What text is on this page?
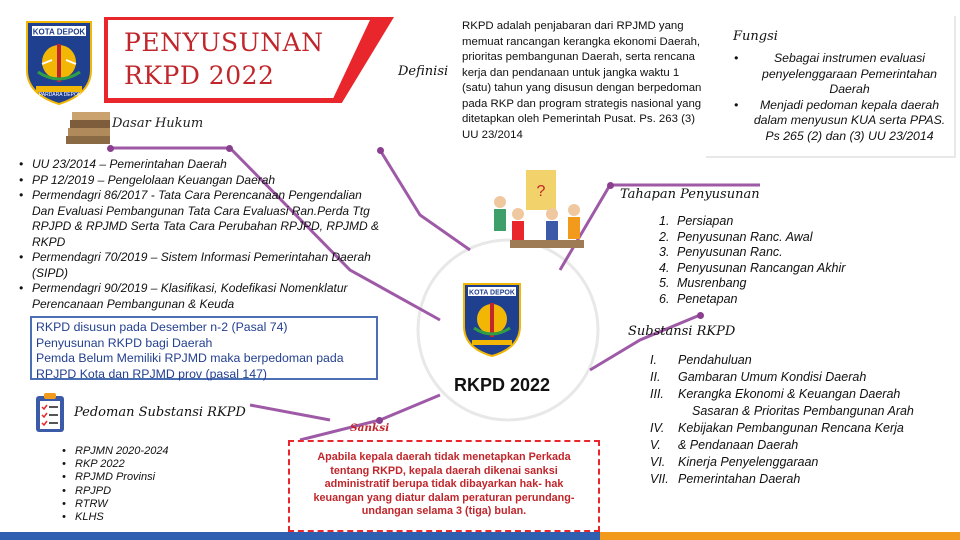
KOTA DEPOK
PARDARA DEPOK
PENYUSUNAN
RKPD 2022
Dasar Hukum
• UU 23/2014 – Pemerintahan Daerah
• PP 12/2019 – Pengelolaan Keuangan Daerah
• Permendagri 86/2017 - Tata Cara Perencanaan Pengendalian Dan Evaluasi Pembangunan Tata Cara Evaluasi Ran.Perda Ttg RPJPD & RPJMD Serta Tata Cara Perubahan RPJPD, RPJMD & RKPD
• Permendagri 70/2019 – Sistem Informasi Pemerintahan Daerah (SIPD)
• Permendagri 90/2019 – Klasifikasi, Kodefikasi Nomenklatur Perencanaan Pembangunan & Keuda
RKPD disusun pada Desember n-2 (Pasal 74)
Penyusunan RKPD bagi Daerah
Pemda Belum Memiliki RPJMD maka berpedoman pada RPJPD Kota dan RPJMD prov (pasal 147)
Pedoman Substansi RKPD
• RPJMN 2020-2024
• RKP 2022
• RPJMD Provinsi
• RPJPD
• RTRW
• KLHS
Sanksi
Apabila kepala daerah tidak menetapkan Perkada tentang RKPD, kepala daerah dikenai sanksi administratif berupa tidak dibayarkan hak- hak keuangan yang diatur dalam peraturan perundang-undangan selama 3 (tiga) bulan.
?
KOTA DEPOK
RKPD 2022
Definisi
RKPD adalah penjabaran dari RPJMD yang memuat rancangan kerangka ekonomi Daerah, prioritas pembangunan Daerah, serta rencana kerja dan pendanaan untuk jangka waktu 1 (satu) tahun yang disusun dengan berpedoman pada RKP dan program strategis nasional yang ditetapkan oleh Pemerintah Pusat. Ps. 263 (3) UU 23/2014
Fungsi
• Sebagai instrumen evaluasi penyelenggaraan Pemerintahan Daerah
• Menjadi pedoman kepala daerah dalam menyusun KUA serta PPAS. Ps 265 (2) dan (3) UU 23/2014
Tahapan Penyusunan
1. Persiapan
2. Penyusunan Ranc. Awal
3. Penyusunan Ranc.
4. Penyusunan Rancangan Akhir
5. Musrenbang
6. Penetapan
Substansi RKPD
I. Pendahuluan
II. Gambaran Umum Kondisi Daerah
III. Kerangka Ekonomi & Keuangan Daerah
Sasaran & Prioritas Pembangunan Arah
IV. Kebijakan Pembangunan Rencana Kerja
V. & Pendanaan Daerah
VI. Kinerja Penyelenggaraan
VII. Pemerintahan Daerah
